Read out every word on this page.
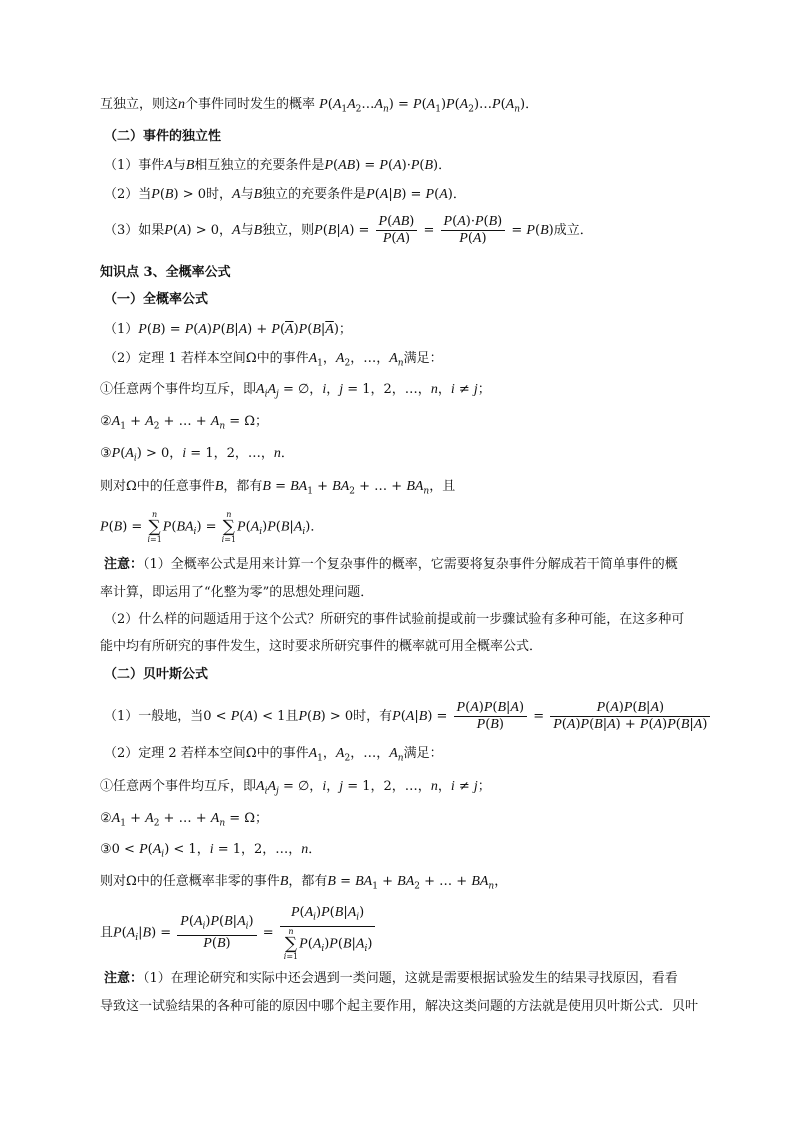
互独立，则这n个事件同时发生的概率 $P(A_1A_2\dots A_n)$ = $P(A_1)P(A_2)\dots P(A_n)$．
（二）事件的独立性
（1）事件A与B相互独立的充要条件是P(AB) = P(A)·P(B)．
（2）当P(B) > 0时，A与B独立的充要条件是P(A|B) = P(A)．
（3）如果P(A) > 0，A与B独立，则$P(B|A) = \frac{P(AB)}{P(A)} = \frac{P(A)\cdot P(B)}{P(A)} = P(B)$成立．
知识点 3、全概率公式
（一）全概率公式
$(1)P(B) = P(A)P(B|A) + P(\overline{A})P(B|\overline{A})$；
（2）定理 1 若样本空间Ω中的事件$A_1$，$A_2$，…，$A_n$满足：
①任意两个事件均互斥，即$A_iA_j$ = ∅，i，j = 1，2，…，n，i ≠ j；
$②A_1 + A_2$ + … + $A_n = \Omega$；
$③P(A_i) > 0$，i = 1，2，…，n．
则对Ω中的任意事件B，都有$B = BA_1 + BA_2$ + … + $BA_n$，且
P(B) = n
∑
$i=1P(BA_i) = n$
∑
$i=1P(A_i)P(B|A_i)$．
注意：（1）全概率公式是用来计算一个复杂事件的概率，它需要将复杂事件分解成若干简单事件的概
率计算，即运用了“化整为零”的思想处理问题．
（2）什么样的问题适用于这个公式？所研究的事件试验前提或前一步骤试验有多种可能，在这多种可
能中均有所研究的事件发生，这时要求所研究事件的概率就可用全概率公式．
（二）贝叶斯公式
（1）一般地，当0 < P(A) < 1且P(B) > 0时，有$P(A|B) = \frac{P(A)P(B|A)}{P(B)} = \frac{P(A)P(B|A)}{P(A)P(B|A) + P(\overline{A})P(B|\overline{A})}$
（2）定理 2 若样本空间Ω中的事件$A_1$，$A_2$，…，$A_n$满足：
①任意两个事件均互斥，即$A_iA_j$ = ∅，i，j = 1，2，…，n，i ≠ j；
$②A_1 + A_2$ + … + $A_n = \Omega$；
③0 < $P(A_i) < 1$，i = 1，2，…，n．
则对Ω中的任意概率非零的事件B，都有$B = BA_1 + BA_2$ + … + $BA_n$，
且$P(A_i|B) = \frac{P(A_i)P(B|A_i)}{P(B)} = P(A_i)P(B|A_i)$
n
∑
$i=1P(A_i)P(B|A_i)$
注意：（1）在理论研究和实际中还会遇到一类问题，这就是需要根据试验发生的结果寻找原因，看看
导致这一试验结果的各种可能的原因中哪个起主要作用，解决这类问题的方法就是使用贝叶斯公式．贝叶
